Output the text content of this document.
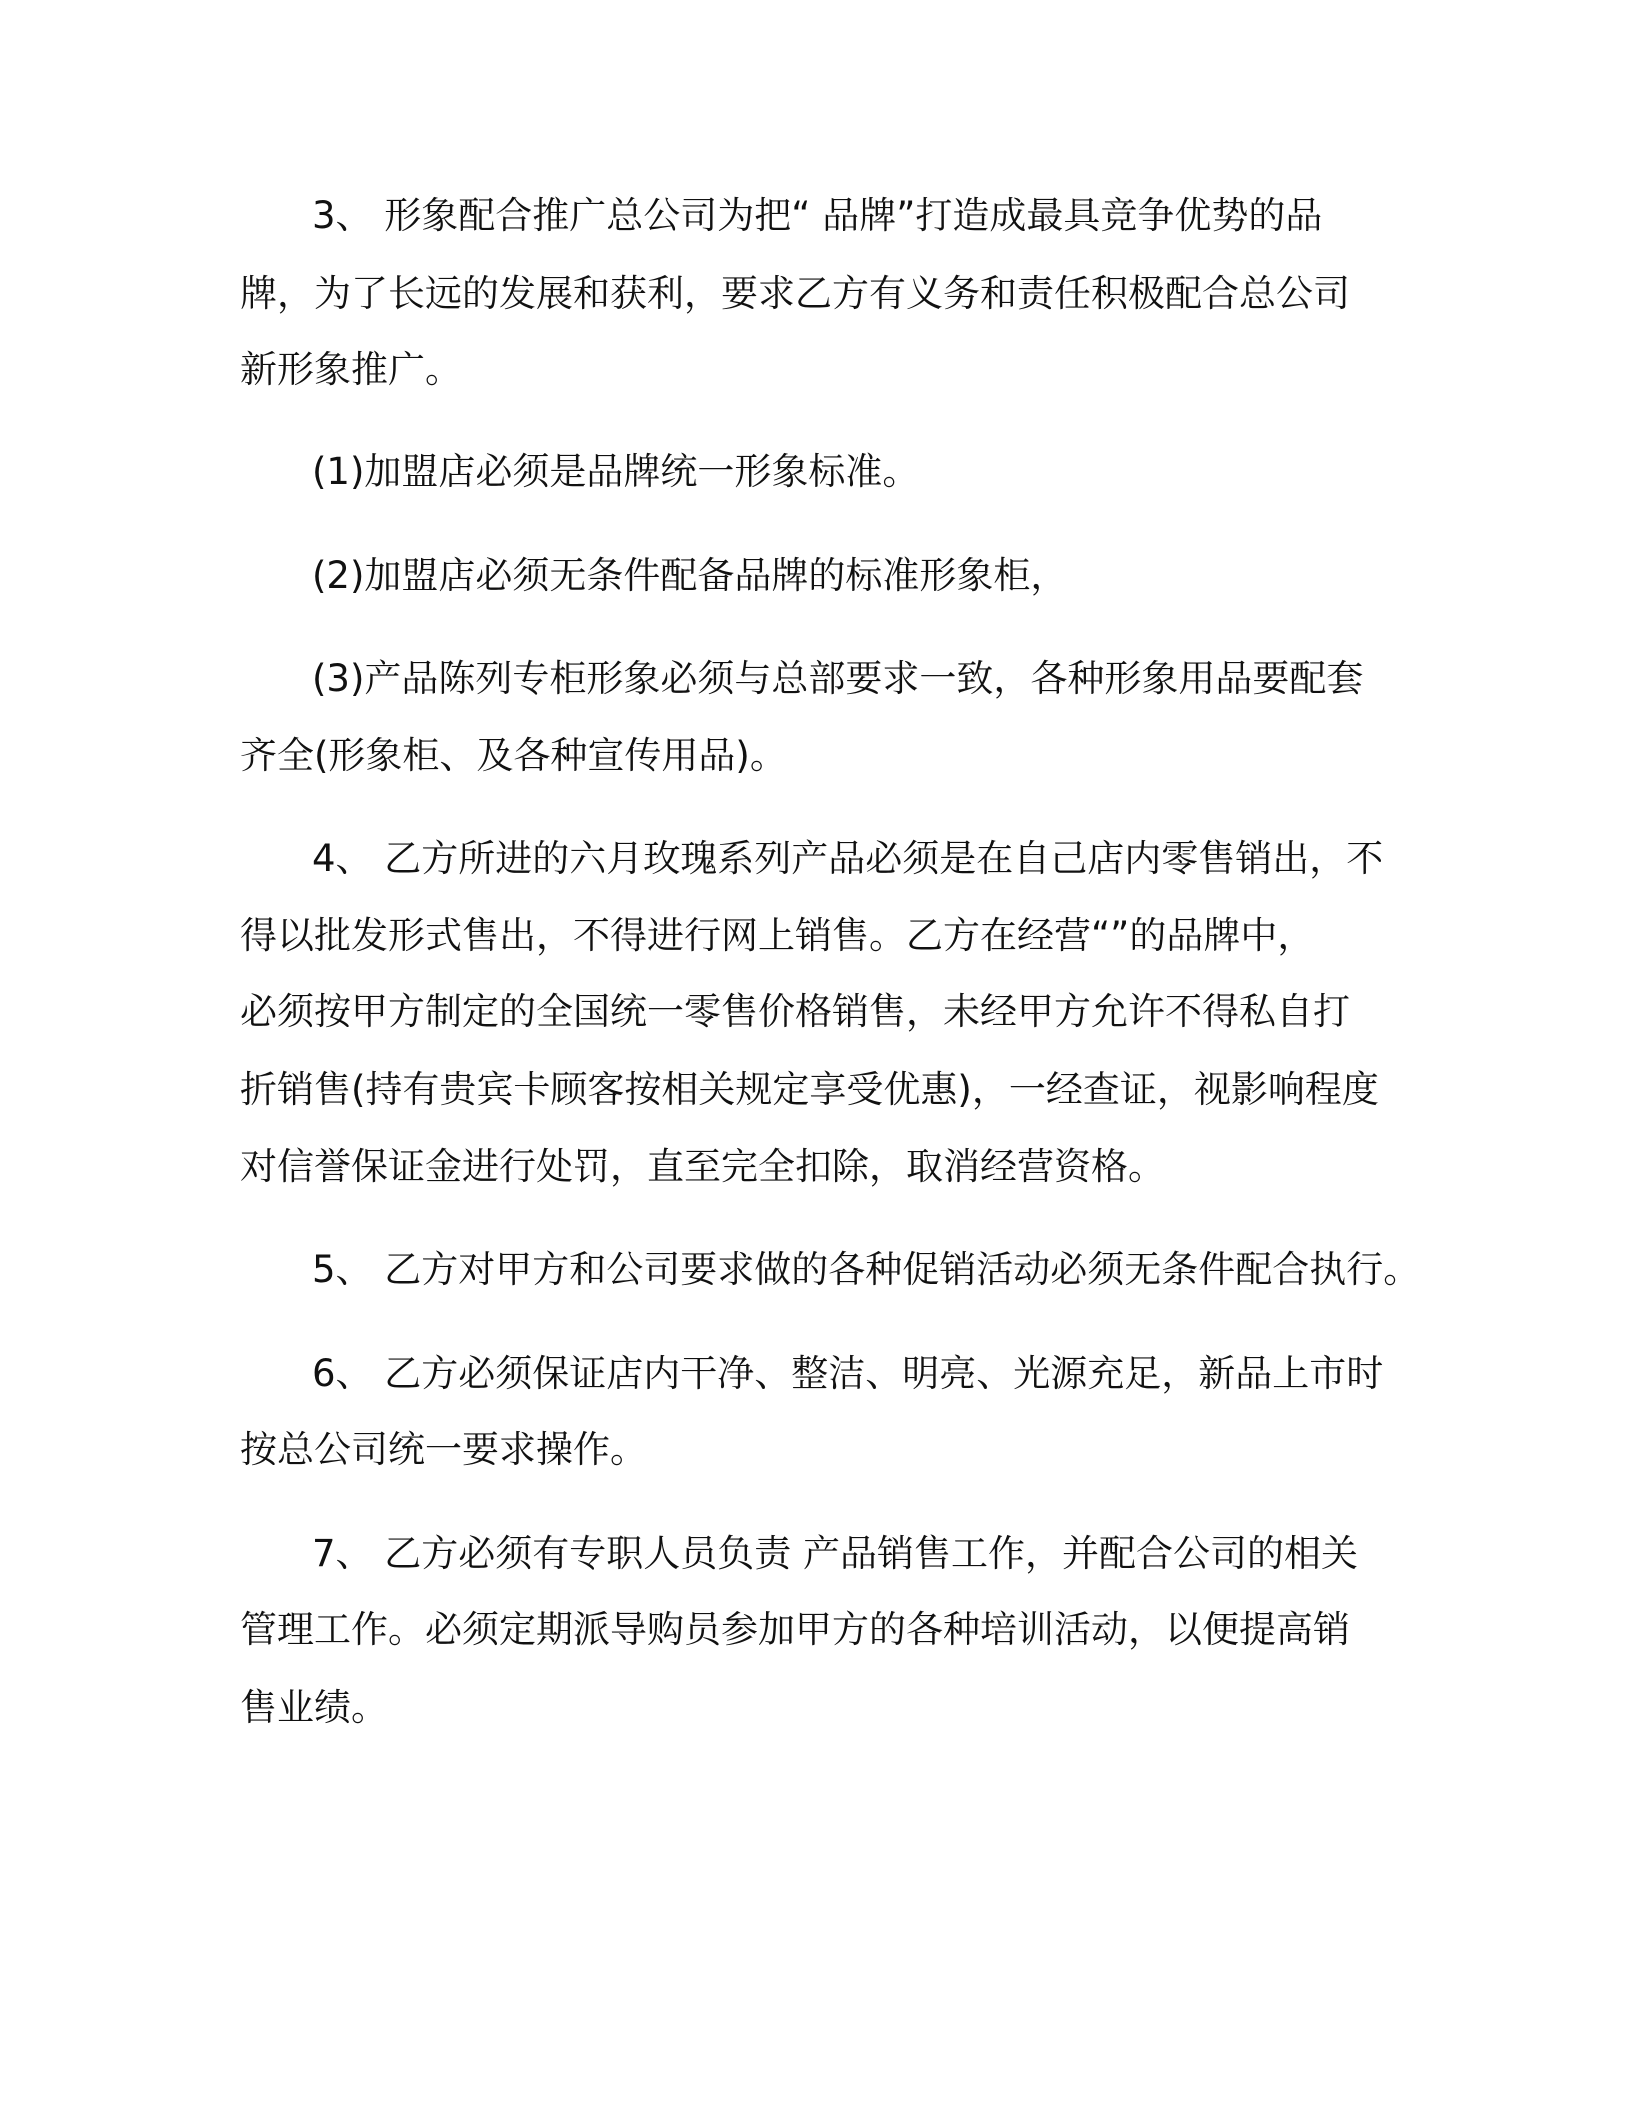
3、 形象配合推广总公司为把“ 品牌”打造成最具竞争优势的品
牌，为了长远的发展和获利，要求乙方有义务和责任积极配合总公司
新形象推广。
(1)加盟店必须是品牌统一形象标准。
(2)加盟店必须无条件配备品牌的标准形象柜，
(3)产品陈列专柜形象必须与总部要求一致，各种形象用品要配套
齐全(形象柜、及各种宣传用品)。
4、 乙方所进的六月玫瑰系列产品必须是在自己店内零售销出，不
得以批发形式售出，不得进行网上销售。乙方在经营“”的品牌中，
必须按甲方制定的全国统一零售价格销售，未经甲方允许不得私自打
折销售(持有贵宾卡顾客按相关规定享受优惠)，一经查证，视影响程度
对信誉保证金进行处罚，直至完全扣除，取消经营资格。
5、 乙方对甲方和公司要求做的各种促销活动必须无条件配合执行。
6、 乙方必须保证店内干净、整洁、明亮、光源充足，新品上市时
按总公司统一要求操作。
7、 乙方必须有专职人员负责 产品销售工作，并配合公司的相关
管理工作。必须定期派导购员参加甲方的各种培训活动，以便提高销
售业绩。
